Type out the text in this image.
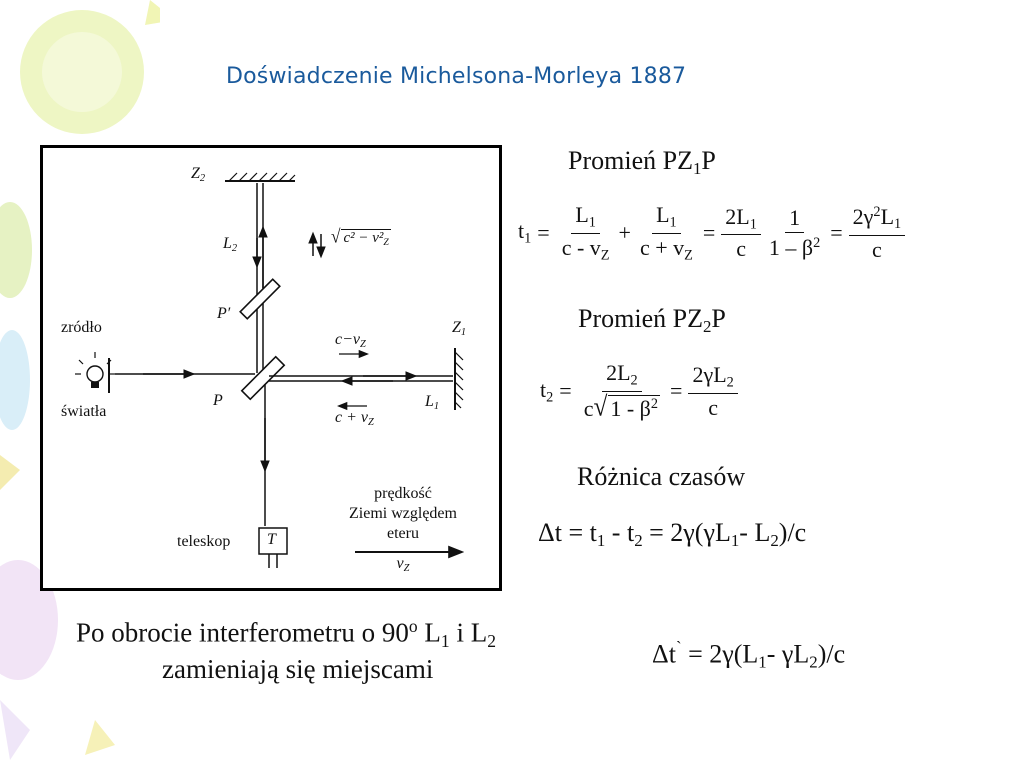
Doświadczenie Michelsona-Morleya 1887
Z2
L2
P′
Z1
L1
P
zródło
światła
teleskop T
c−vZ
c + vZ
√ c² − v²Z
prędkość
Ziemi względem
eteru
vZ
Promień PZ1P
$t1 = \frac{L1}{c - vZ} + \frac{L1}{c + vZ} = \frac{2L1}{c} \frac{1}{1 - \beta^2} = \frac{2\gamma^2L1}{c}$
Promień PZ2P
$t2 = \frac{2L2}{c√ 1 - \beta^2} = \frac{2\gamma L2}{c}$
Różnica czasów
Δt = t1 - t2 = 2γ(γL1- L2)/c
Po obrocie interferometru o 90$^o$ L1 i L2
zamieniają się miejscami
Δt` = 2γ(L1- γL2)/c
